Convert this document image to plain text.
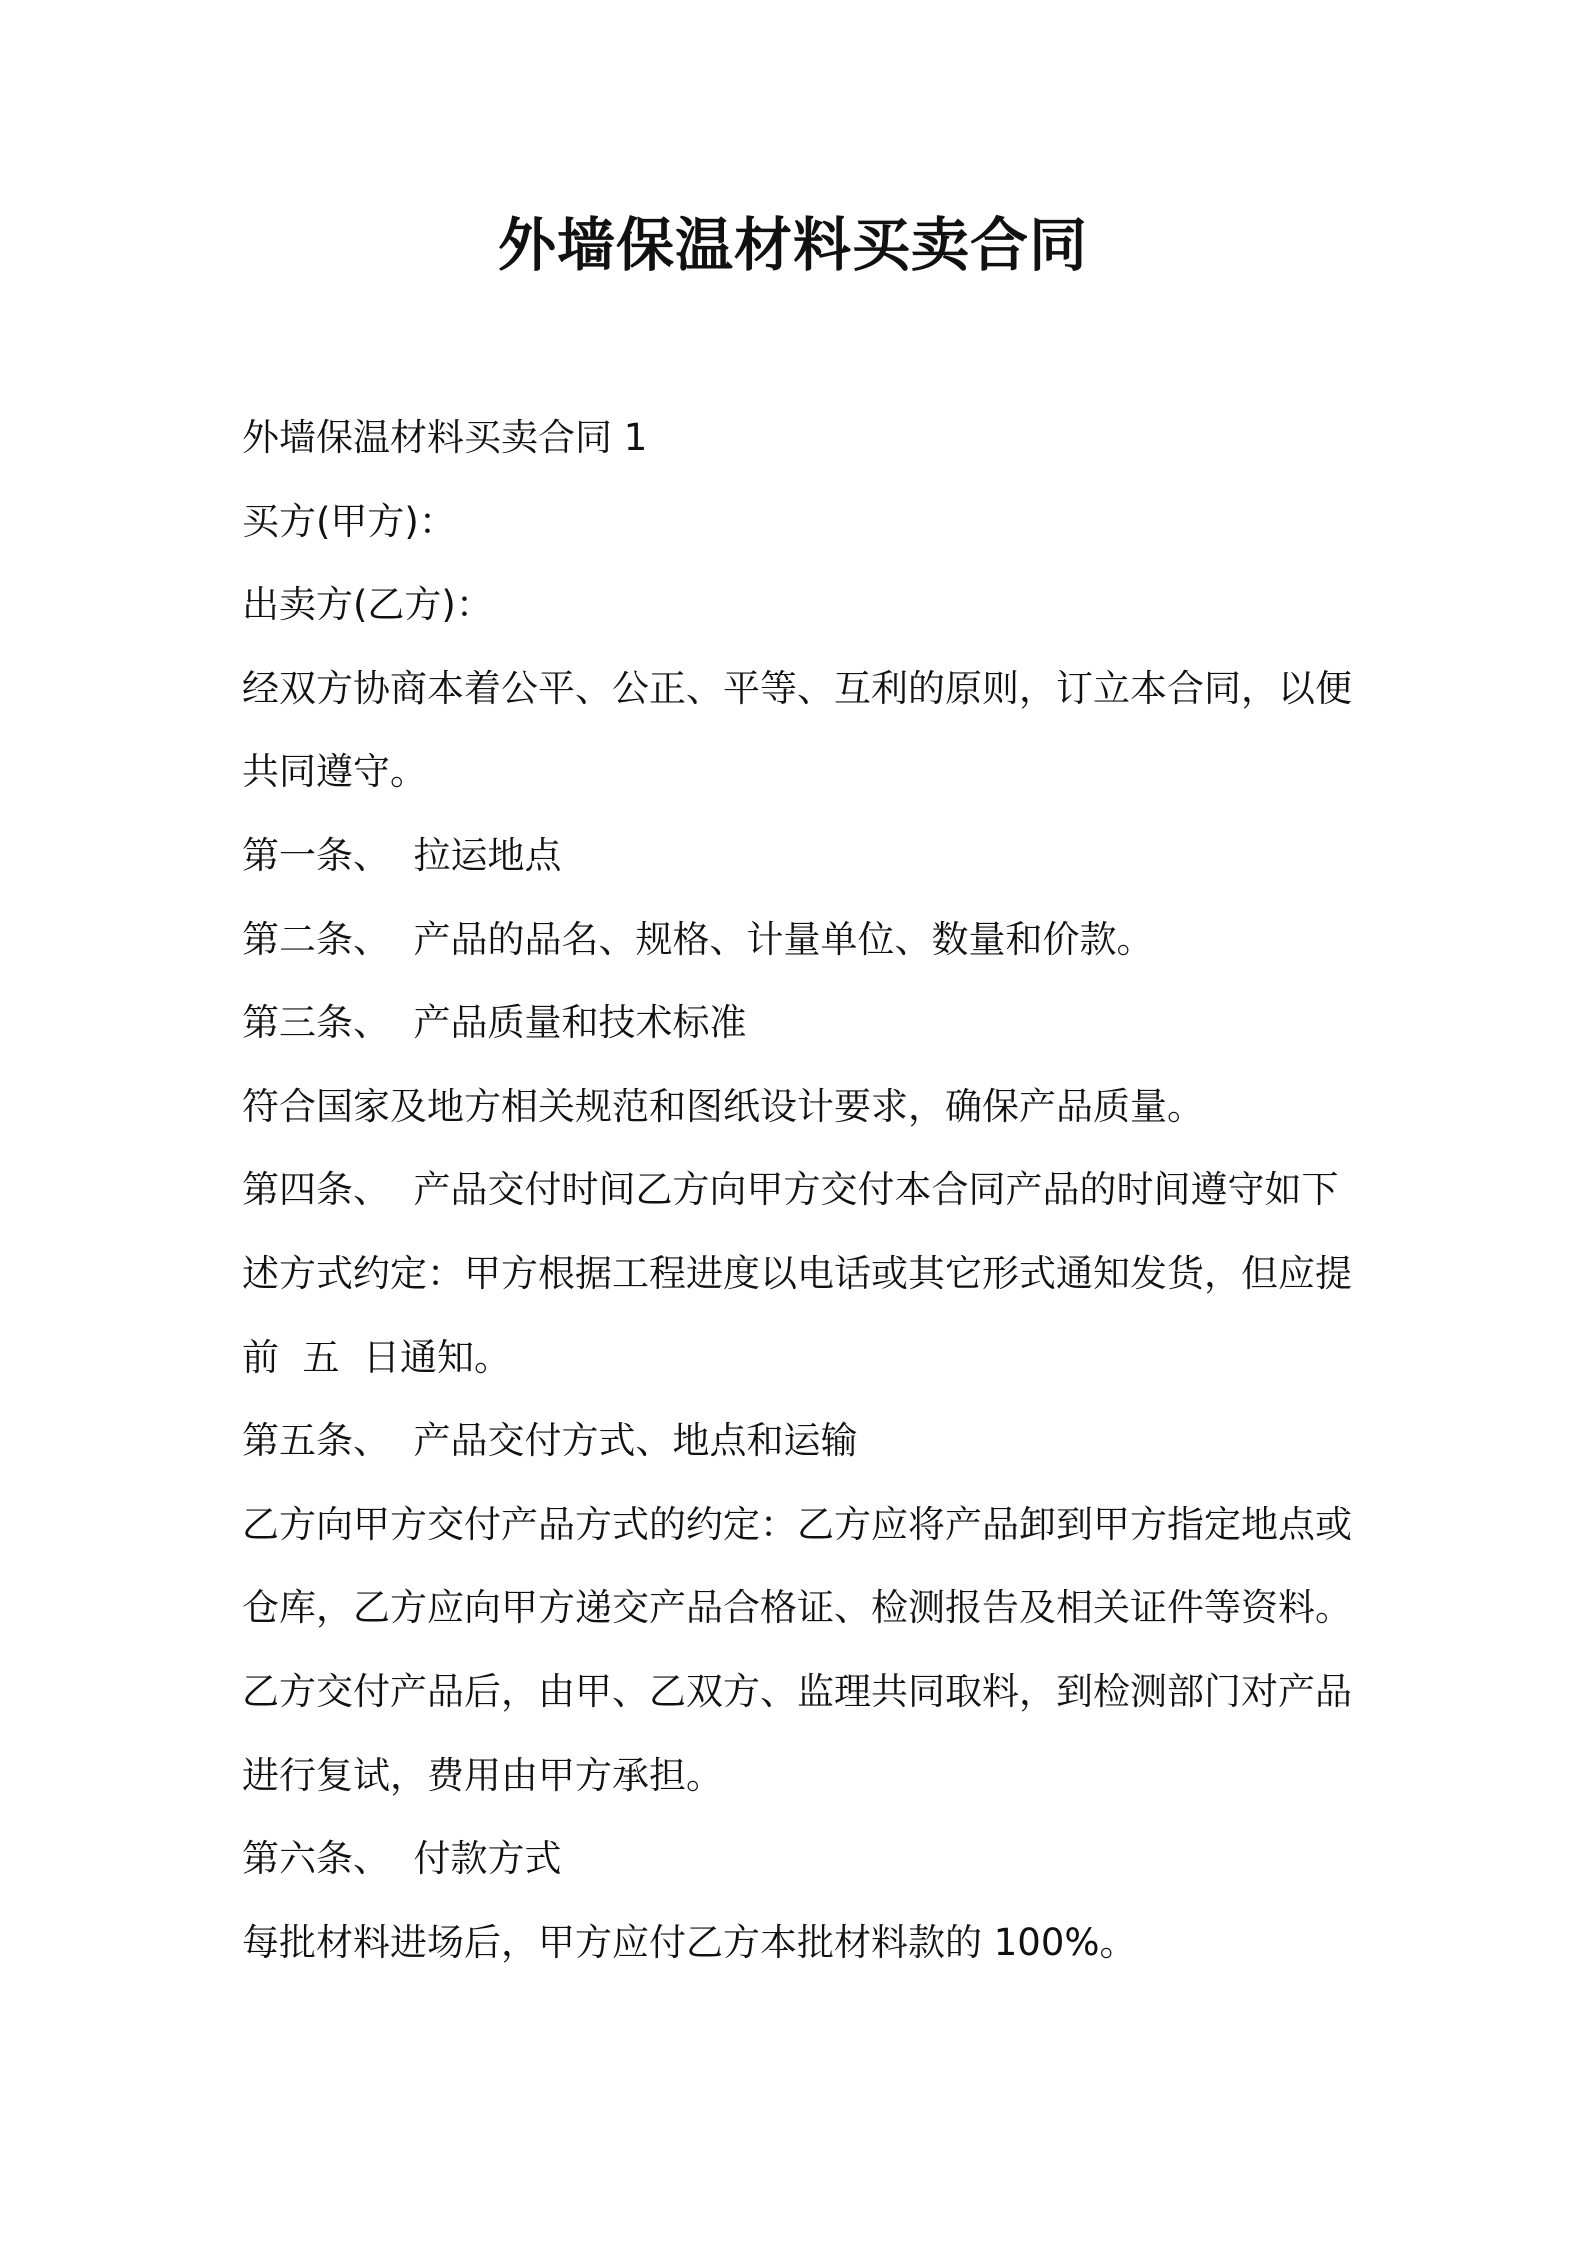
外墙保温材料买卖合同
外墙保温材料买卖合同 1
买方(甲方)：
出卖方(乙方)：
经双方协商本着公平、公正、平等、互利的原则，订立本合同，以便
共同遵守。
第一条、  拉运地点
第二条、  产品的品名、规格、计量单位、数量和价款。
第三条、  产品质量和技术标准
符合国家及地方相关规范和图纸设计要求，确保产品质量。
第四条、  产品交付时间乙方向甲方交付本合同产品的时间遵守如下
述方式约定：甲方根据工程进度以电话或其它形式通知发货，但应提
前  五  日通知。
第五条、  产品交付方式、地点和运输
乙方向甲方交付产品方式的约定：乙方应将产品卸到甲方指定地点或
仓库，乙方应向甲方递交产品合格证、检测报告及相关证件等资料。
乙方交付产品后，由甲、乙双方、监理共同取料，到检测部门对产品
进行复试，费用由甲方承担。
第六条、  付款方式
每批材料进场后，甲方应付乙方本批材料款的 100%。
